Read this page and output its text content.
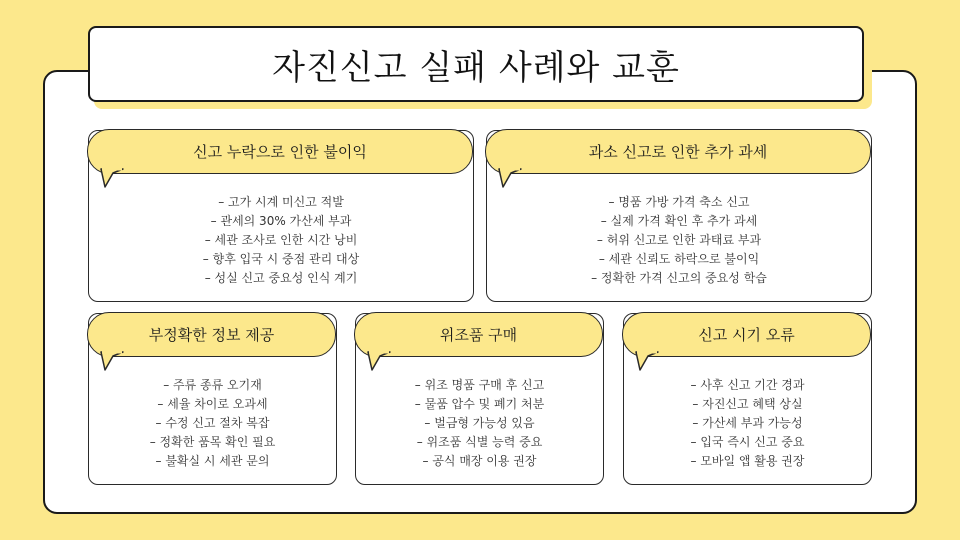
자진신고 실패 사례와 교훈
신고 누락으로 인한 불이익
– 고가 시계 미신고 적발
– 관세의 30% 가산세 부과
– 세관 조사로 인한 시간 낭비
– 향후 입국 시 중점 관리 대상
– 성실 신고 중요성 인식 계기
과소 신고로 인한 추가 과세
– 명품 가방 가격 축소 신고
– 실제 가격 확인 후 추가 과세
– 허위 신고로 인한 과태료 부과
– 세관 신뢰도 하락으로 불이익
– 정확한 가격 신고의 중요성 학습
부정확한 정보 제공
– 주류 종류 오기재
– 세율 차이로 오과세
– 수정 신고 절차 복잡
– 정확한 품목 확인 필요
– 불확실 시 세관 문의
위조품 구매
– 위조 명품 구매 후 신고
– 물품 압수 및 폐기 처분
– 벌금형 가능성 있음
– 위조품 식별 능력 중요
– 공식 매장 이용 권장
신고 시기 오류
– 사후 신고 기간 경과
– 자진신고 혜택 상실
– 가산세 부과 가능성
– 입국 즉시 신고 중요
– 모바일 앱 활용 권장
